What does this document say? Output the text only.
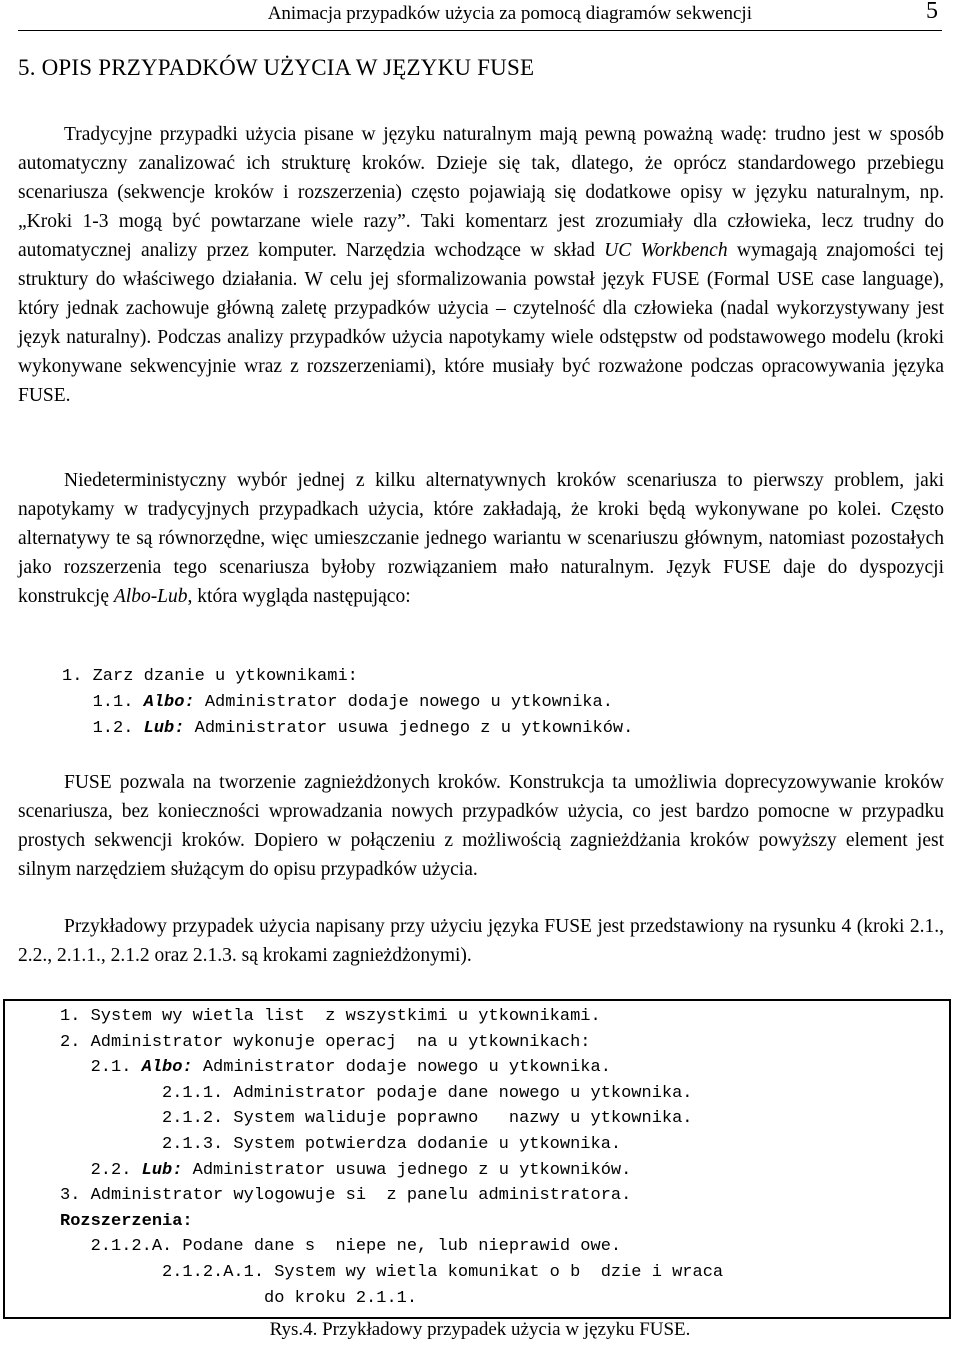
Animacja przypadków użycia za pomocą diagramów sekwencji	5
5. OPIS PRZYPADKÓW UŻYCIA W JĘZYKU FUSE

Tradycyjne przypadki użycia pisane w języku naturalnym mają pewną poważną wadę: trudno jest w sposób automatyczny zanalizować ich strukturę kroków. Dzieje się tak, dlatego, że oprócz standardowego przebiegu scenariusza (sekwencje kroków i rozszerzenia) często pojawiają się dodatkowe opisy w języku naturalnym, np. „Kroki 1-3 mogą być powtarzane wiele razy”. Taki komentarz jest zrozumiały dla człowieka, lecz trudny do automatycznej analizy przez komputer. Narzędzia wchodzące w skład UC Workbench wymagają znajomości tej struktury do właściwego działania. W celu jej sformalizowania powstał język FUSE (Formal USE case language), który jednak zachowuje główną zaletę przypadków użycia – czytelność dla człowieka (nadal wykorzystywany jest język naturalny). Podczas analizy przypadków użycia napotykamy wiele odstępstw od podstawowego modelu (kroki wykonywane sekwencyjnie wraz z rozszerzeniami), które musiały być rozważone podczas opracowywania języka FUSE.

Niedeterministyczny wybór jednej z kilku alternatywnych kroków scenariusza to pierwszy problem, jaki napotykamy w tradycyjnych przypadkach użycia, które zakładają, że kroki będą wykonywane po kolei. Często alternatywy te są równorzędne, więc umieszczanie jednego wariantu w scenariuszu głównym, natomiast pozostałych jako rozszerzenia tego scenariusza byłoby rozwiązaniem mało naturalnym. Język FUSE daje do dyspozycji konstrukcję Albo-Lub, która wygląda następująco:

1. Zarz dzanie u ytkownikami:
1.1. Albo: Administrator dodaje nowego u ytkownika.
1.2. Lub: Administrator usuwa jednego z u ytkowników.

FUSE pozwala na tworzenie zagnieżdżonych kroków. Konstrukcja ta umożliwia doprecyzowywanie kroków scenariusza, bez konieczności wprowadzania nowych przypadków użycia, co jest bardzo pomocne w przypadku prostych sekwencji kroków. Dopiero w połączeniu z możliwością zagnieżdżania kroków powyższy element jest silnym narzędziem służącym do opisu przypadków użycia.

Przykładowy przypadek użycia napisany przy użyciu języka FUSE jest przedstawiony na rysunku 4 (kroki 2.1., 2.2., 2.1.1., 2.1.2 oraz 2.1.3. są krokami zagnieżdżonymi).

1. System wy wietla list  z wszystkimi u ytkownikami.
2. Administrator wykonuje operacj  na u ytkownikach:
2.1. Albo: Administrator dodaje nowego u ytkownika.
2.1.1. Administrator podaje dane nowego u ytkownika.
2.1.2. System waliduje poprawno   nazwy u ytkownika.
2.1.3. System potwierdza dodanie u ytkownika.
2.2. Lub: Administrator usuwa jednego z u ytkowników.
3. Administrator wylogowuje si  z panelu administratora.
Rozszerzenia:
2.1.2.A. Podane dane s  niepe ne, lub nieprawid owe.
2.1.2.A.1. System wy wietla komunikat o b  dzie i wraca
do kroku 2.1.1.
Rys.4. Przykładowy przypadek użycia w języku FUSE.
